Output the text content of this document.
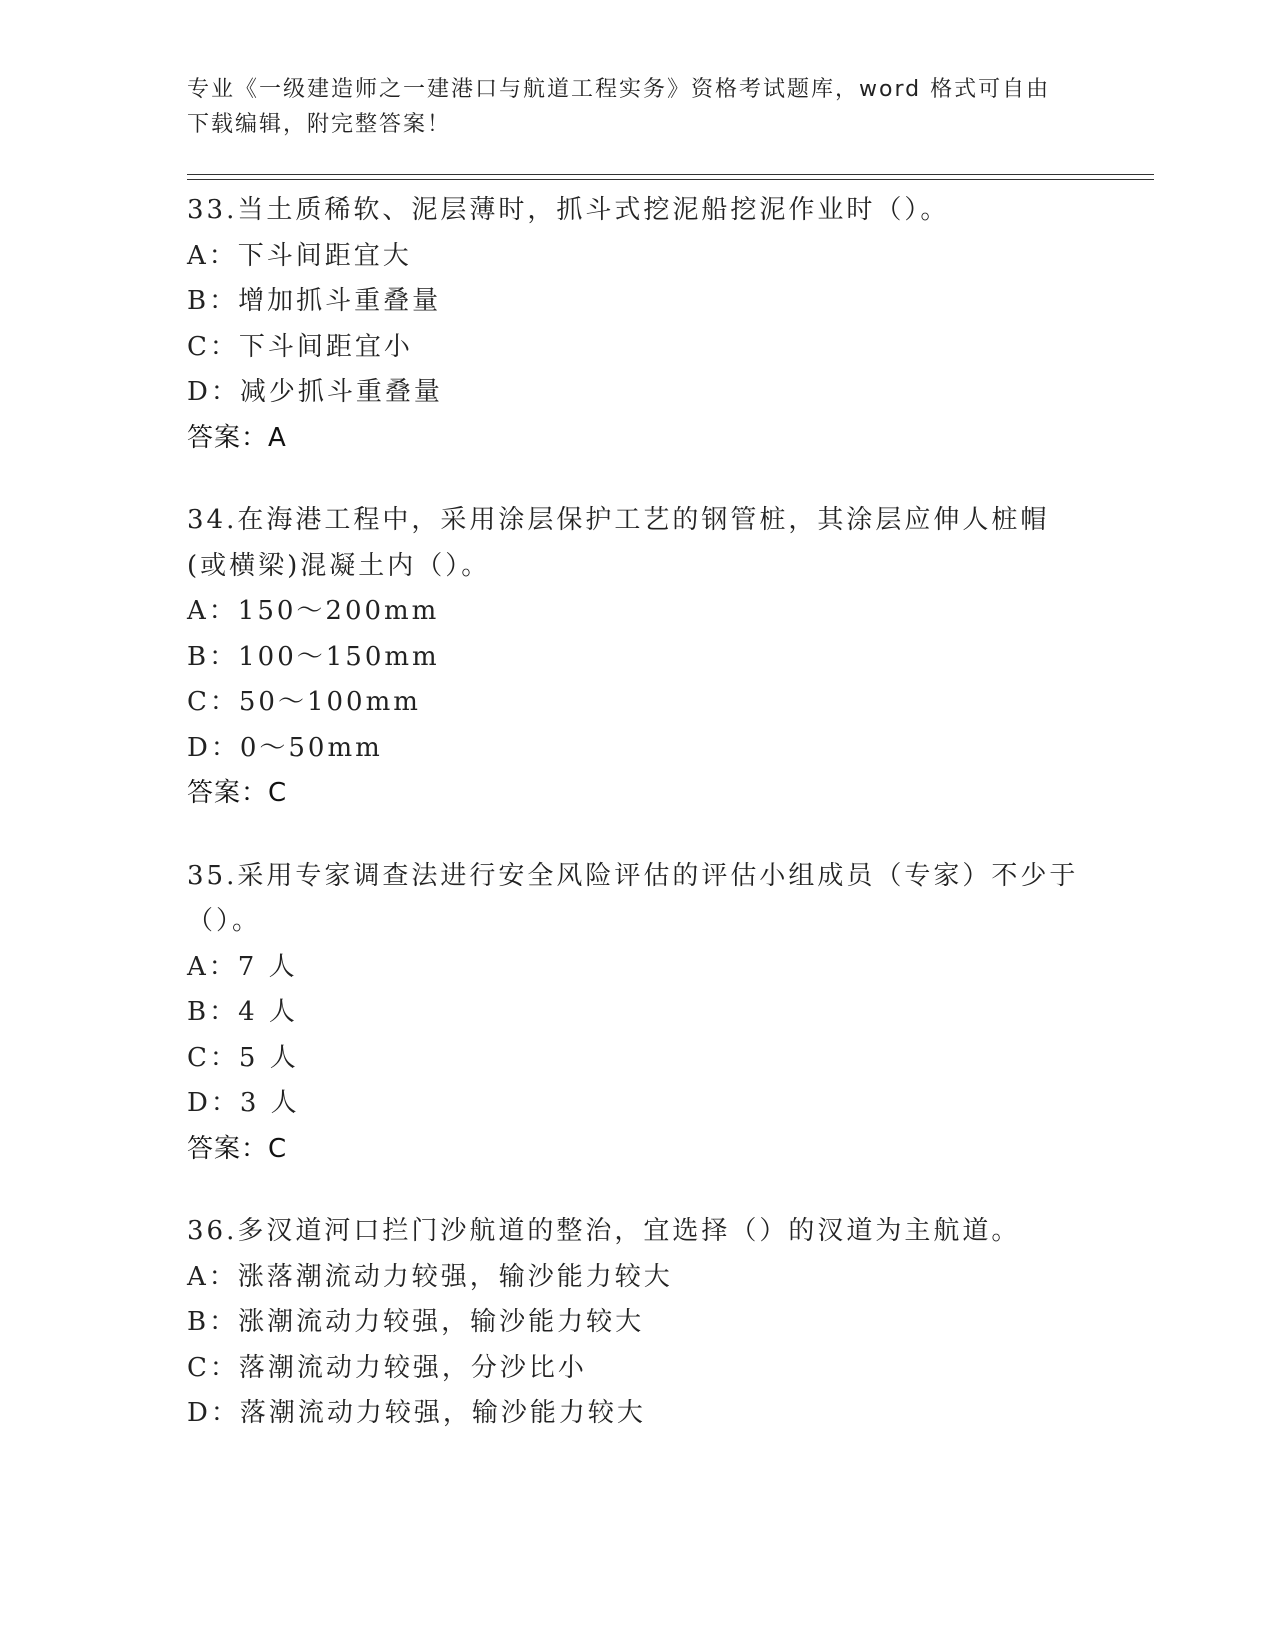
专业《一级建造师之一建港口与航道工程实务》资格考试题库，word 格式可自由
下载编辑，附完整答案！
33.当土质稀软、泥层薄时，抓斗式挖泥船挖泥作业时（）。
A：下斗间距宜大
B：增加抓斗重叠量
C：下斗间距宜小
D：减少抓斗重叠量
答案：A
34.在海港工程中，采用涂层保护工艺的钢管桩，其涂层应伸人桩帽(或横梁)混凝土内（）。
A：150～200mm
B：100～150mm
C：50～100mm
D：0～50mm
答案：C
35.采用专家调查法进行安全风险评估的评估小组成员（专家）不少于（）。
A：7 人
B：4 人
C：5 人
D：3 人
答案：C
36.多汊道河口拦门沙航道的整治，宜选择（）的汊道为主航道。
A：涨落潮流动力较强，输沙能力较大
B：涨潮流动力较强，输沙能力较大
C：落潮流动力较强，分沙比小
D：落潮流动力较强，输沙能力较大
